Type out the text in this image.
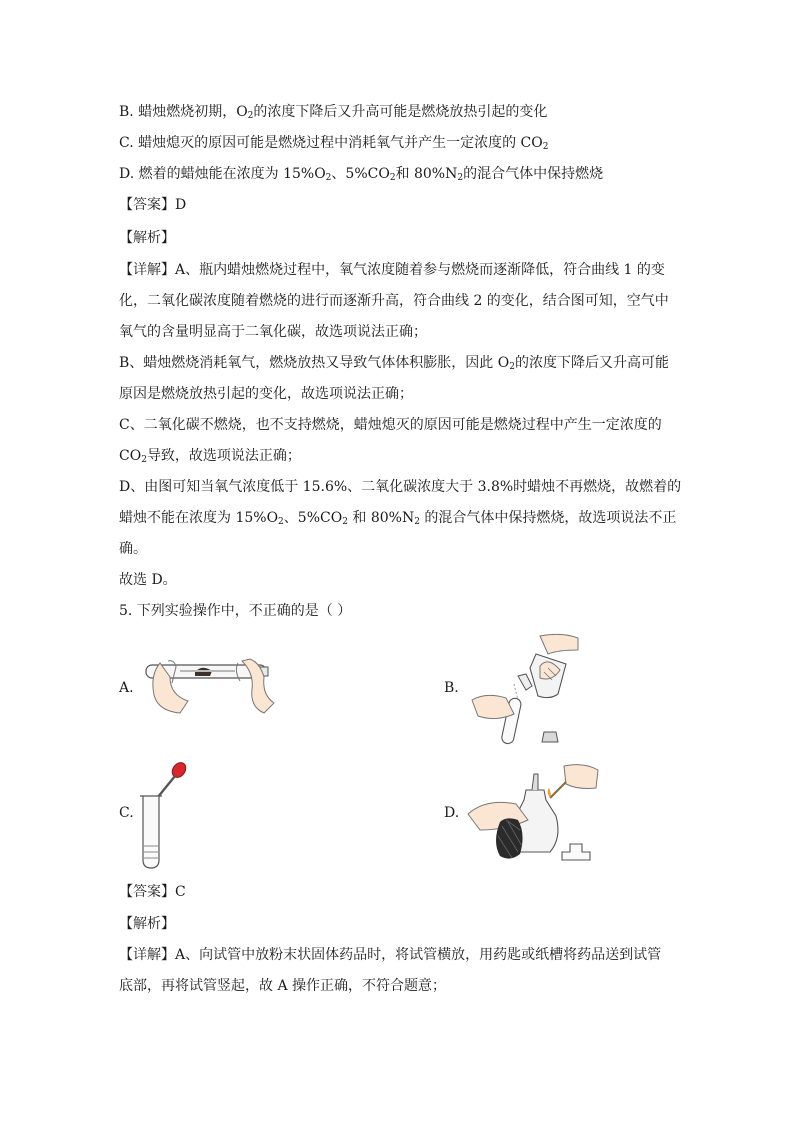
B. 蜡烛燃烧初期，$O_2$的浓度下降后又升高可能是燃烧放热引起的变化
C. 蜡烛熄灭的原因可能是燃烧过程中消耗氧气并产生一定浓度的 $CO_2$
D. 燃着的蜡烛能在浓度为 $15\%O_2$、$5\%CO_2$和 $80\%N_2$的混合气体中保持燃烧
【答案】D
【解析】
【详解】A、瓶内蜡烛燃烧过程中，氧气浓度随着参与燃烧而逐渐降低，符合曲线 1 的变
化，二氧化碳浓度随着燃烧的进行而逐渐升高，符合曲线 2 的变化，结合图可知，空气中
氧气的含量明显高于二氧化碳，故选项说法正确；
B、蜡烛燃烧消耗氧气，燃烧放热又导致气体体积膨胀，因此 $O_2$的浓度下降后又升高可能
原因是燃烧放热引起的变化，故选项说法正确；
C、二氧化碳不燃烧，也不支持燃烧，蜡烛熄灭的原因可能是燃烧过程中产生一定浓度的
$CO_2$导致，故选项说法正确；
D、由图可知当氧气浓度低于 15.6%、二氧化碳浓度大于 3.8%时蜡烛不再燃烧，故燃着的
蜡烛不能在浓度为 $15\%O_2$、$5\%CO_2$ 和 $80\%N_2$ 的混合气体中保持燃烧，故选项说法不正
确。
故选 D。
5. 下列实验操作中，不正确的是（ ）
A.	B.
C.	D.
【答案】C
【解析】
【详解】A、向试管中放粉末状固体药品时，将试管横放，用药匙或纸槽将药品送到试管
底部，再将试管竖起，故 A 操作正确，不符合题意；
